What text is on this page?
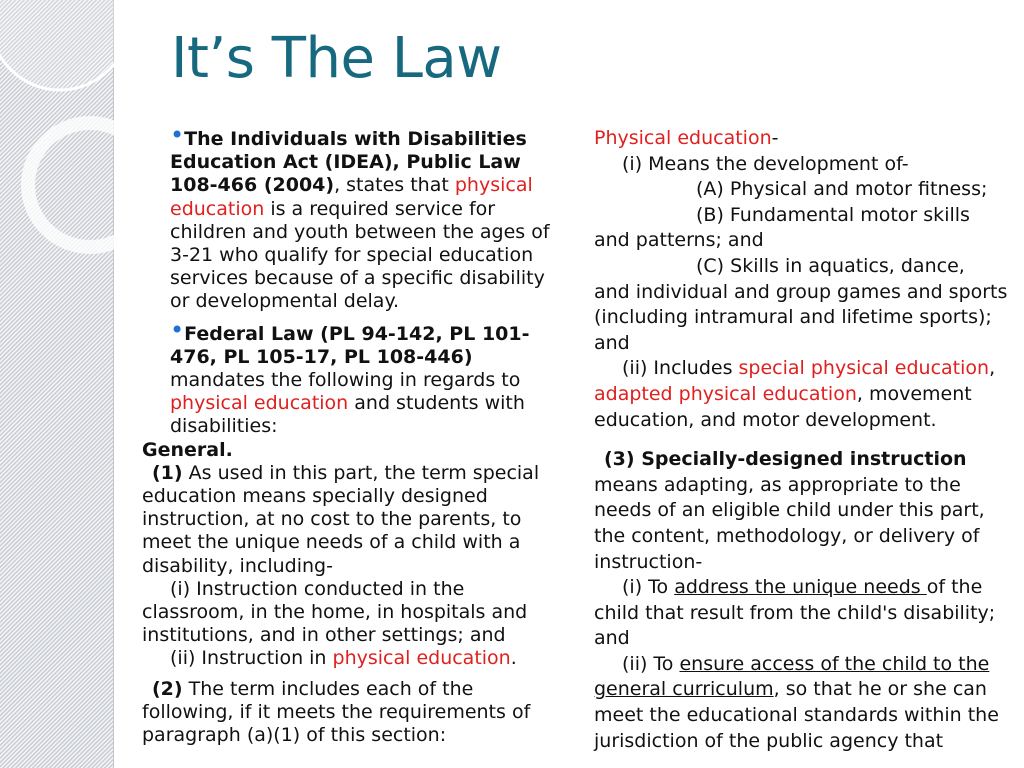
It’s The Law

•The Individuals with Disabilities Education Act (IDEA), Public Law 108-466 (2004), states that physical education is a required service for children and youth between the ages of 3-21 who qualify for special education services because of a specific disability or developmental delay.

•Federal Law (PL 94-142, PL 101-476, PL 105-17, PL 108-446) mandates the following in regards to physical education and students with disabilities:

General.

(1) As used in this part, the term special education means specially designed instruction, at no cost to the parents, to meet the unique needs of a child with a disability, including-

(i) Instruction conducted in the classroom, in the home, in hospitals and institutions, and in other settings; and

(ii) Instruction in physical education.

(2) The term includes each of the following, if it meets the requirements of paragraph (a)(1) of this section:

Physical education-

(i) Means the development of-

(A) Physical and motor fitness;

(B) Fundamental motor skills

and patterns; and

(C) Skills in aquatics, dance,

and individual and group games and sports (including intramural and lifetime sports); and

(ii) Includes special physical education, adapted physical education, movement education, and motor development.

(3) Specially-designed instruction means adapting, as appropriate to the needs of an eligible child under this part, the content, methodology, or delivery of instruction-

(i) To address the unique needs of the child that result from the child's disability; and

(ii) To ensure access of the child to the general curriculum, so that he or she can meet the educational standards within the jurisdiction of the public agency that
